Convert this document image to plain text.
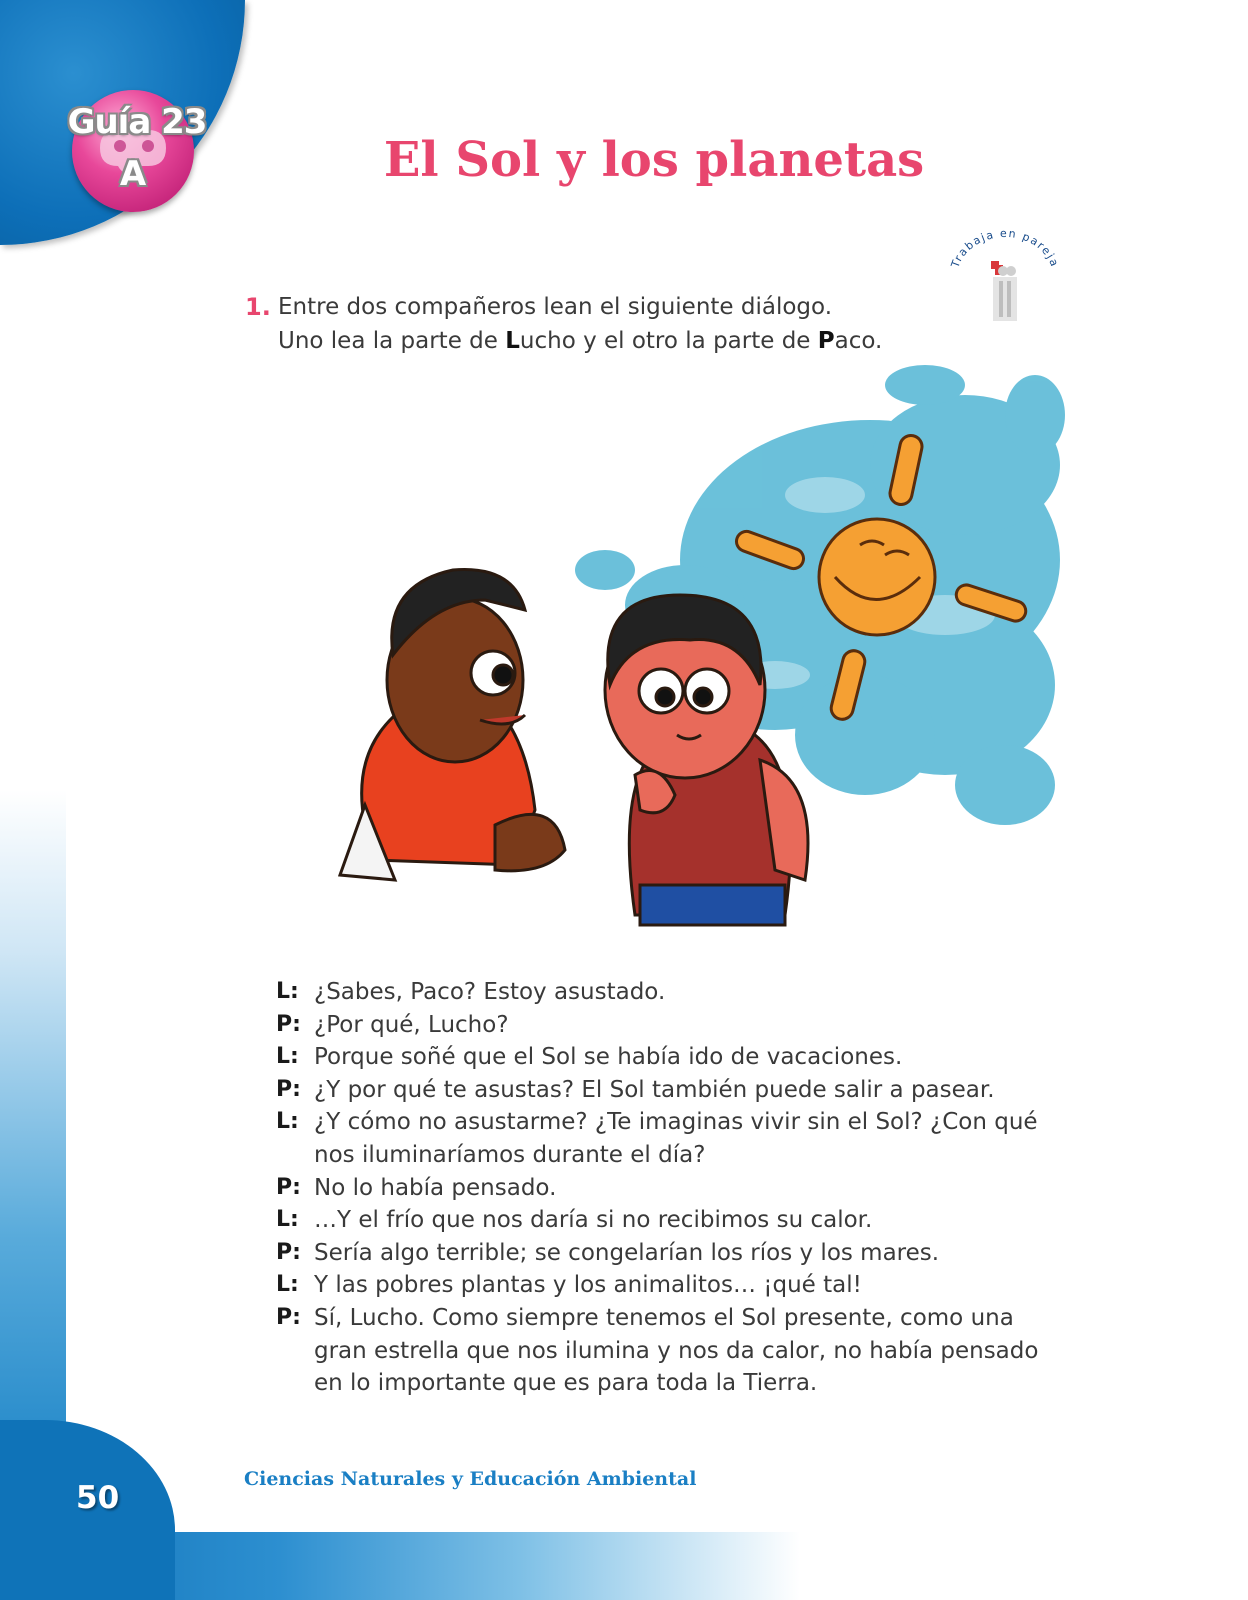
50
Guía 23
A	El Sol y los planetas
Trabaja en pareja
1. Entre dos compañeros lean el siguiente diálogo.
Uno lea la parte de Lucho y el otro la parte de Paco.
L: ¿Sabes, Paco? Estoy asustado.
P: ¿Por qué, Lucho?
L: Porque soñé que el Sol se había ido de vacaciones.
P: ¿Y por qué te asustas? El Sol también puede salir a pasear.
L: ¿Y cómo no asustarme? ¿Te imaginas vivir sin el Sol? ¿Con qué nos iluminaríamos durante el día?
P: No lo había pensado.
L: …Y el frío que nos daría si no recibimos su calor.
P: Sería algo terrible; se congelarían los ríos y los mares.
L: Y las pobres plantas y los animalitos… ¡qué tal!
P: Sí, Lucho. Como siempre tenemos el Sol presente, como una gran estrella que nos ilumina y nos da calor, no había pensado en lo importante que es para toda la Tierra.
Ciencias Naturales y Educación Ambiental
